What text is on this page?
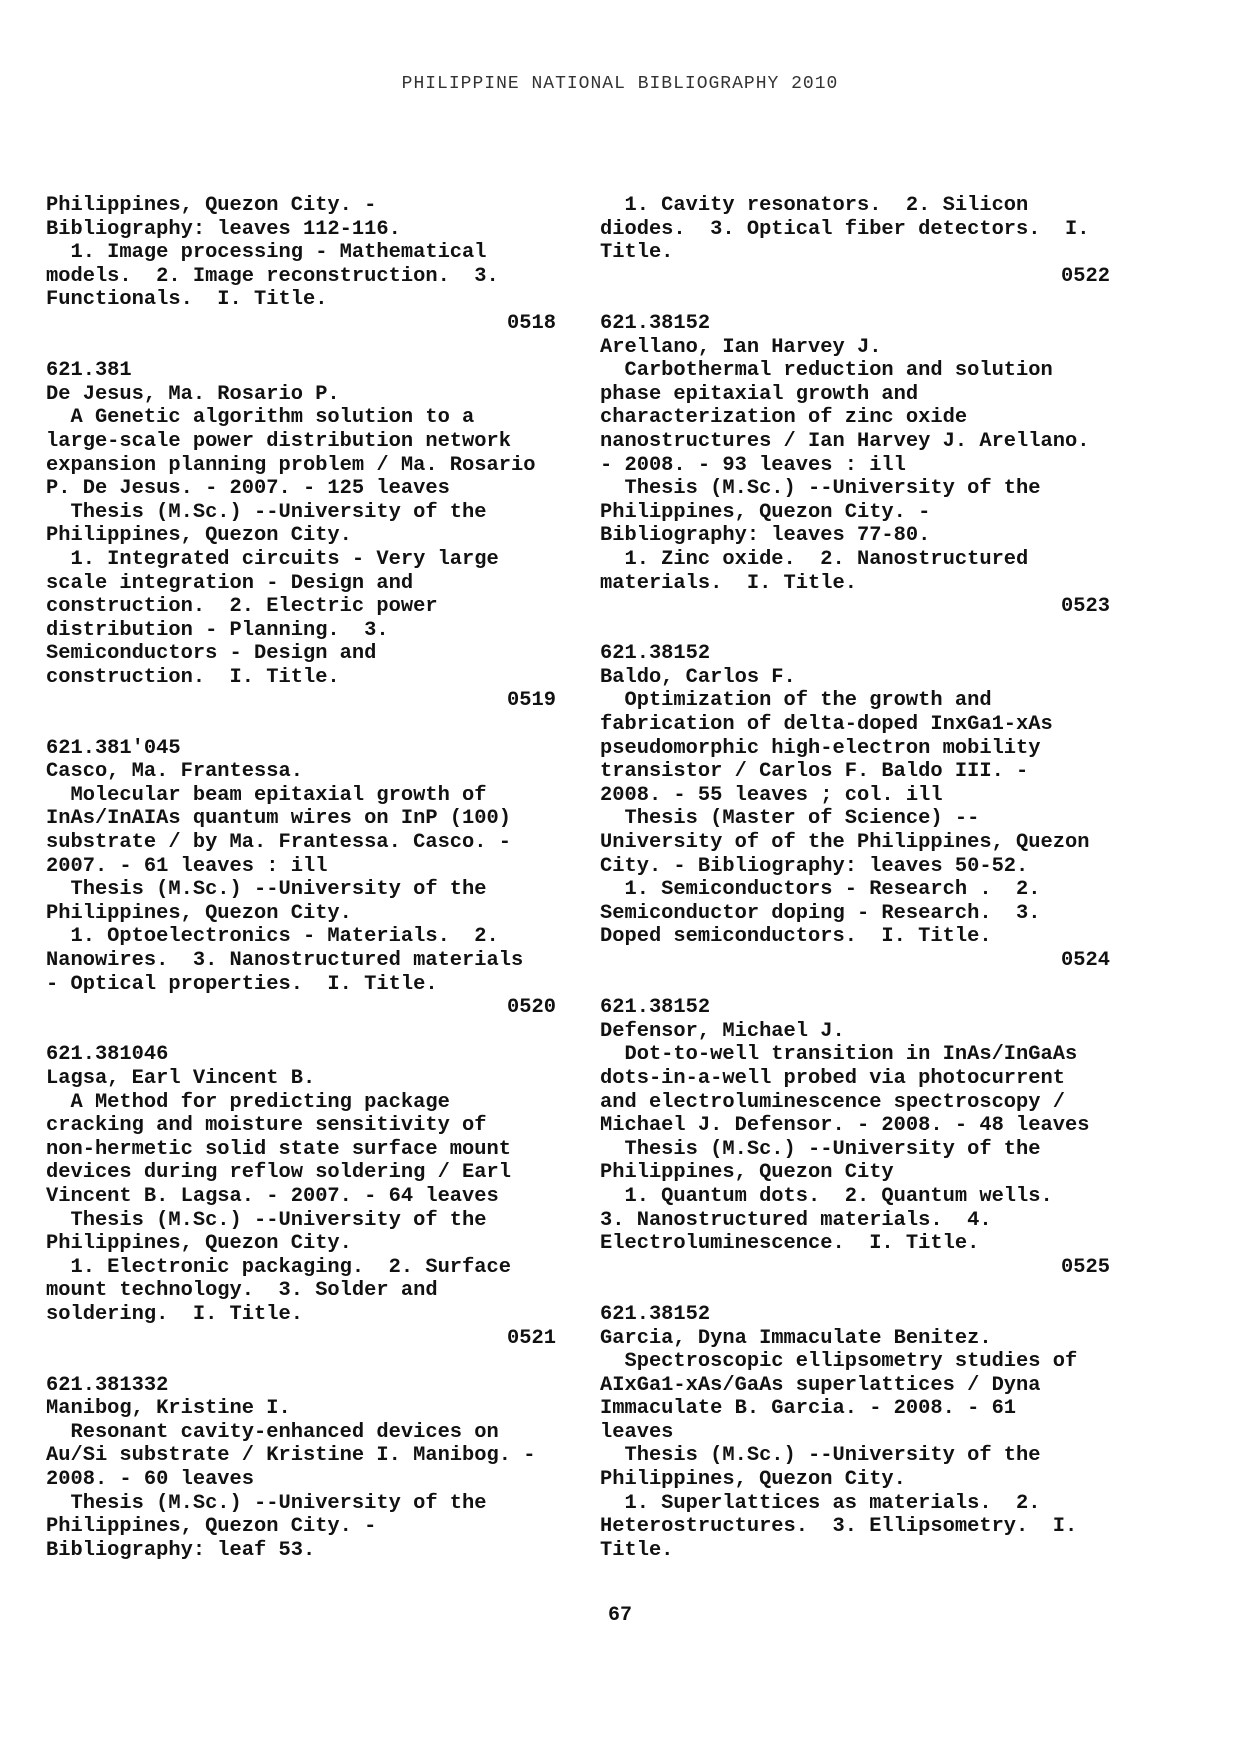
PHILIPPINE NATIONAL BIBLIOGRAPHY 2010
Philippines, Quezon City. -
Bibliography: leaves 112-116.
1. Image processing - Mathematical
models.  2. Image reconstruction.  3.
Functionals.  I. Title.
0518
621.381
De Jesus, Ma. Rosario P.
A Genetic algorithm solution to a
large-scale power distribution network
expansion planning problem / Ma. Rosario
P. De Jesus. - 2007. - 125 leaves
Thesis (M.Sc.) --University of the
Philippines, Quezon City.
1. Integrated circuits - Very large
scale integration - Design and
construction.  2. Electric power
distribution - Planning.  3.
Semiconductors - Design and
construction.  I. Title.
0519
621.381'045
Casco, Ma. Frantessa.
Molecular beam epitaxial growth of
InAs/InAIAs quantum wires on InP (100)
substrate / by Ma. Frantessa. Casco. -
2007. - 61 leaves : ill
Thesis (M.Sc.) --University of the
Philippines, Quezon City.
1. Optoelectronics - Materials.  2.
Nanowires.  3. Nanostructured materials
- Optical properties.  I. Title.
0520
621.381046
Lagsa, Earl Vincent B.
A Method for predicting package
cracking and moisture sensitivity of
non-hermetic solid state surface mount
devices during reflow soldering / Earl
Vincent B. Lagsa. - 2007. - 64 leaves
Thesis (M.Sc.) --University of the
Philippines, Quezon City.
1. Electronic packaging.  2. Surface
mount technology.  3. Solder and
soldering.  I. Title.
0521
621.381332
Manibog, Kristine I.
Resonant cavity-enhanced devices on
Au/Si substrate / Kristine I. Manibog. -
2008. - 60 leaves
Thesis (M.Sc.) --University of the
Philippines, Quezon City. -
Bibliography: leaf 53.
1. Cavity resonators.  2. Silicon
diodes.  3. Optical fiber detectors.  I.
Title.
0522
621.38152
Arellano, Ian Harvey J.
Carbothermal reduction and solution
phase epitaxial growth and
characterization of zinc oxide
nanostructures / Ian Harvey J. Arellano.
- 2008. - 93 leaves : ill
Thesis (M.Sc.) --University of the
Philippines, Quezon City. -
Bibliography: leaves 77-80.
1. Zinc oxide.  2. Nanostructured
materials.  I. Title.
0523
621.38152
Baldo, Carlos F.
Optimization of the growth and
fabrication of delta-doped InxGa1-xAs
pseudomorphic high-electron mobility
transistor / Carlos F. Baldo III. -
2008. - 55 leaves ; col. ill
Thesis (Master of Science) --
University of of the Philippines, Quezon
City. - Bibliography: leaves 50-52.
1. Semiconductors - Research .  2.
Semiconductor doping - Research.  3.
Doped semiconductors.  I. Title.
0524
621.38152
Defensor, Michael J.
Dot-to-well transition in InAs/InGaAs
dots-in-a-well probed via photocurrent
and electroluminescence spectroscopy /
Michael J. Defensor. - 2008. - 48 leaves
Thesis (M.Sc.) --University of the
Philippines, Quezon City
1. Quantum dots.  2. Quantum wells.
3. Nanostructured materials.  4.
Electroluminescence.  I. Title.
0525
621.38152
Garcia, Dyna Immaculate Benitez.
Spectroscopic ellipsometry studies of
AIxGa1-xAs/GaAs superlattices / Dyna
Immaculate B. Garcia. - 2008. - 61
leaves
Thesis (M.Sc.) --University of the
Philippines, Quezon City.
1. Superlattices as materials.  2.
Heterostructures.  3. Ellipsometry.  I.
Title.
67
